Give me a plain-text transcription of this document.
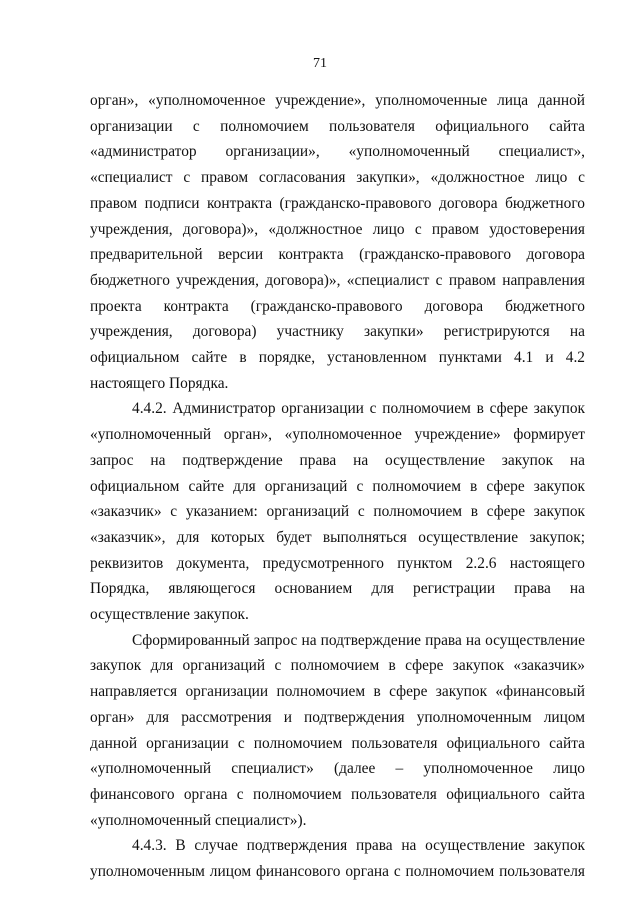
71

орган», «уполномоченное учреждение», уполномоченные лица данной организации с полномочием пользователя официального сайта «администратор организации», «уполномоченный специалист», «специалист с правом согласования закупки», «должностное лицо с правом подписи контракта (гражданско-правового договора бюджетного учреждения, договора)», «должностное лицо с правом удостоверения предварительной версии контракта (гражданско-правового договора бюджетного учреждения, договора)», «специалист с правом направления проекта контракта (гражданско-правового договора бюджетного учреждения, договора) участнику закупки» регистрируются на официальном сайте в порядке, установленном пунктами 4.1 и 4.2 настоящего Порядка.

4.4.2. Администратор организации с полномочием в сфере закупок «уполномоченный орган», «уполномоченное учреждение» формирует запрос на подтверждение права на осуществление закупок на официальном сайте для организаций с полномочием в сфере закупок «заказчик» с указанием: организаций с полномочием в сфере закупок «заказчик», для которых будет выполняться осуществление закупок; реквизитов документа, предусмотренного пунктом 2.2.6 настоящего Порядка, являющегося основанием для регистрации права на осуществление закупок.

Сформированный запрос на подтверждение права на осуществление закупок для организаций с полномочием в сфере закупок «заказчик» направляется организации полномочием в сфере закупок «финансовый орган» для рассмотрения и подтверждения уполномоченным лицом данной организации с полномочием пользователя официального сайта «уполномоченный специалист» (далее – уполномоченное лицо финансового органа с полномочием пользователя официального сайта «уполномоченный специалист»).

4.4.3. В случае подтверждения права на осуществление закупок уполномоченным лицом финансового органа с полномочием пользователя
